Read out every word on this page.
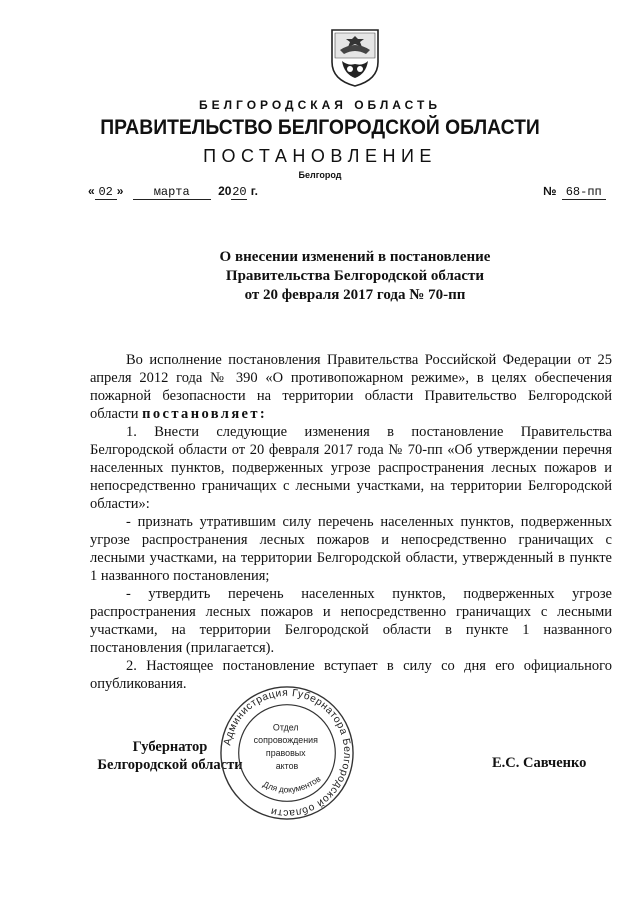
БЕЛГОРОДСКАЯ ОБЛАСТЬ
ПРАВИТЕЛЬСТВО БЕЛГОРОДСКОЙ ОБЛАСТИ
ПОСТАНОВЛЕНИЕ
Белгород
« 02 »	марта 2020 г.	№ 68-пп
О внесении изменений в постановление
Правительства Белгородской области
от 20 февраля 2017 года № 70-пп

Во исполнение постановления Правительства Российской Федерации от 25 апреля 2012 года № 390 «О противопожарном режиме», в целях обеспечения пожарной безопасности на территории области Правительство Белгородской области постановляет:

1. Внести следующие изменения в постановление Правительства Белгородской области от 20 февраля 2017 года № 70-пп «Об утверждении перечня населенных пунктов, подверженных угрозе распространения лесных пожаров и непосредственно граничащих с лесными участками, на территории Белгородской области»:

- признать утратившим силу перечень населенных пунктов, подверженных угрозе распространения лесных пожаров и непосредственно граничащих с лесными участками, на территории Белгородской области, утвержденный в пункте 1 названного постановления;

- утвердить перечень населенных пунктов, подверженных угрозе распространения лесных пожаров и непосредственно граничащих с лесными участками, на территории Белгородской области в пункте 1 названного постановления (прилагается).

2. Настоящее постановление вступает в силу со дня его официального опубликования.

Губернатор
Белгородской области	Е.С. Савченко
Администрация Губернатора Белгородской области
Отдел сопровождения правовых актов
Для документов
